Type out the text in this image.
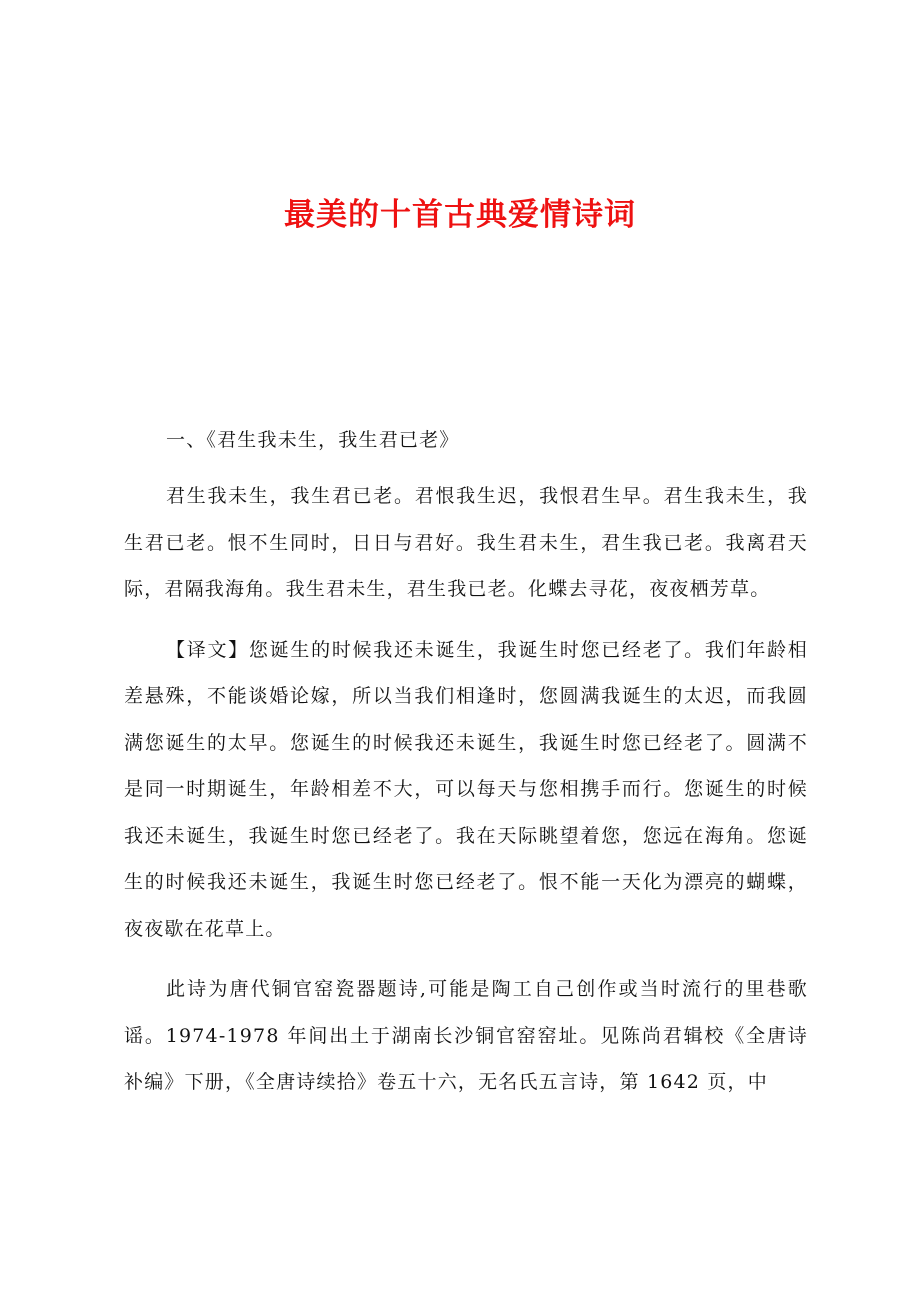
最美的十首古典爱情诗词

一、《君生我未生，我生君已老》

君生我未生，我生君已老。君恨我生迟，我恨君生早。君生我未生，我生君已老。恨不生同时，日日与君好。我生君未生，君生我已老。我离君天际，君隔我海角。我生君未生，君生我已老。化蝶去寻花，夜夜栖芳草。

【译文】您诞生的时候我还未诞生，我诞生时您已经老了。我们年龄相差悬殊，不能谈婚论嫁，所以当我们相逢时，您圆满我诞生的太迟，而我圆满您诞生的太早。您诞生的时候我还未诞生，我诞生时您已经老了。圆满不是同一时期诞生，年龄相差不大，可以每天与您相携手而行。您诞生的时候我还未诞生，我诞生时您已经老了。我在天际眺望着您，您远在海角。您诞生的时候我还未诞生，我诞生时您已经老了。恨不能一天化为漂亮的蝴蝶，夜夜歇在花草上。

此诗为唐代铜官窑瓷器题诗,可能是陶工自己创作或当时流行的里巷歌谣。1974-1978 年间出土于湖南长沙铜官窑窑址。见陈尚君辑校《全唐诗补编》下册，《全唐诗续拾》卷五十六，无名氏五言诗，第 1642 页，中
